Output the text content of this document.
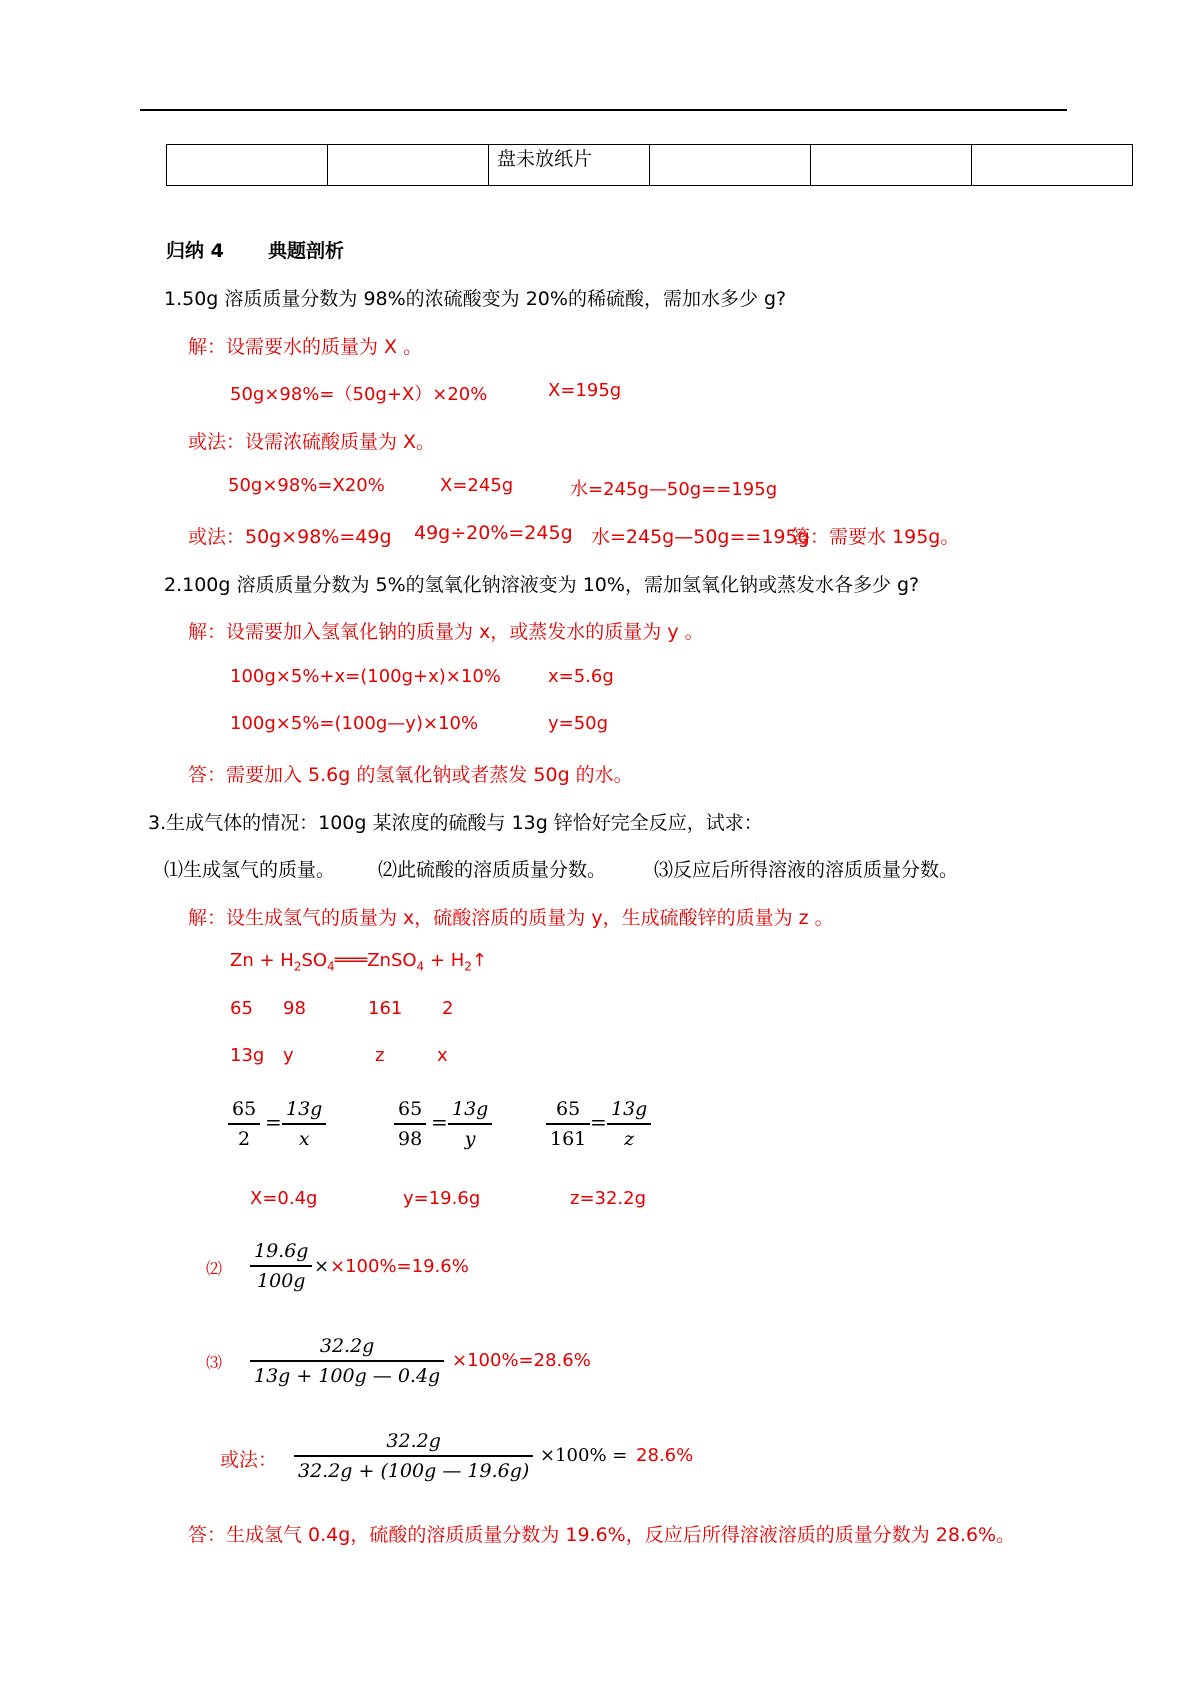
		盘未放纸片			
归纳 4 典题剖析
1.50g 溶质质量分数为 98%的浓硫酸变为 20%的稀硫酸，需加水多少 g?
解：设需要水的质量为 X 。
50g×98%=（50g+X）×20%	X=195g
或法：设需浓硫酸质量为 X。
50g×98%=X20%	X=245g	水=245g—50g==195g
或法：50g×98%=49g 49g÷20%=245g 水=245g—50g==195g
答：需要水 195g。
2.100g 溶质质量分数为 5%的氢氧化钠溶液变为 10%，需加氢氧化钠或蒸发水各多少 g?
解：设需要加入氢氧化钠的质量为 x，或蒸发水的质量为 y 。
100g×5%+x=(100g+x)×10%	x=5.6g
100g×5%=(100g—y)×10%	y=50g
答：需要加入 5.6g 的氢氧化钠或者蒸发 50g 的水。
3.生成气体的情况：100g 某浓度的硫酸与 13g 锌恰好完全反应，试求：
⑴生成氢气的质量。 ⑵此硫酸的溶质质量分数。	⑶反应后所得溶液的溶质质量分数。
解：设生成氢气的质量为 x，硫酸溶质的质量为 y，生成硫酸锌的质量为 z 。
$Zn + H_2SO_4═══ZnSO_4$ + $H_2↑$
65 98	161 2
13g y	z	x
65
2
=
13g
x
65
98
=
13g
y
65
161
=
13g
z
X=0.4g	y=19.6g	z=32.2g
⑵
19.6g
100g
× ×100%=19.6%
⑶
32.2g
13g + 100g — 0.4g
×100%=28.6%
或法：
32.2g
32.2g + (100g — 19.6g)
×100% = 28.6%
答：生成氢气 0.4g，硫酸的溶质质量分数为 19.6%，反应后所得溶液溶质的质量分数为 28.6%。
